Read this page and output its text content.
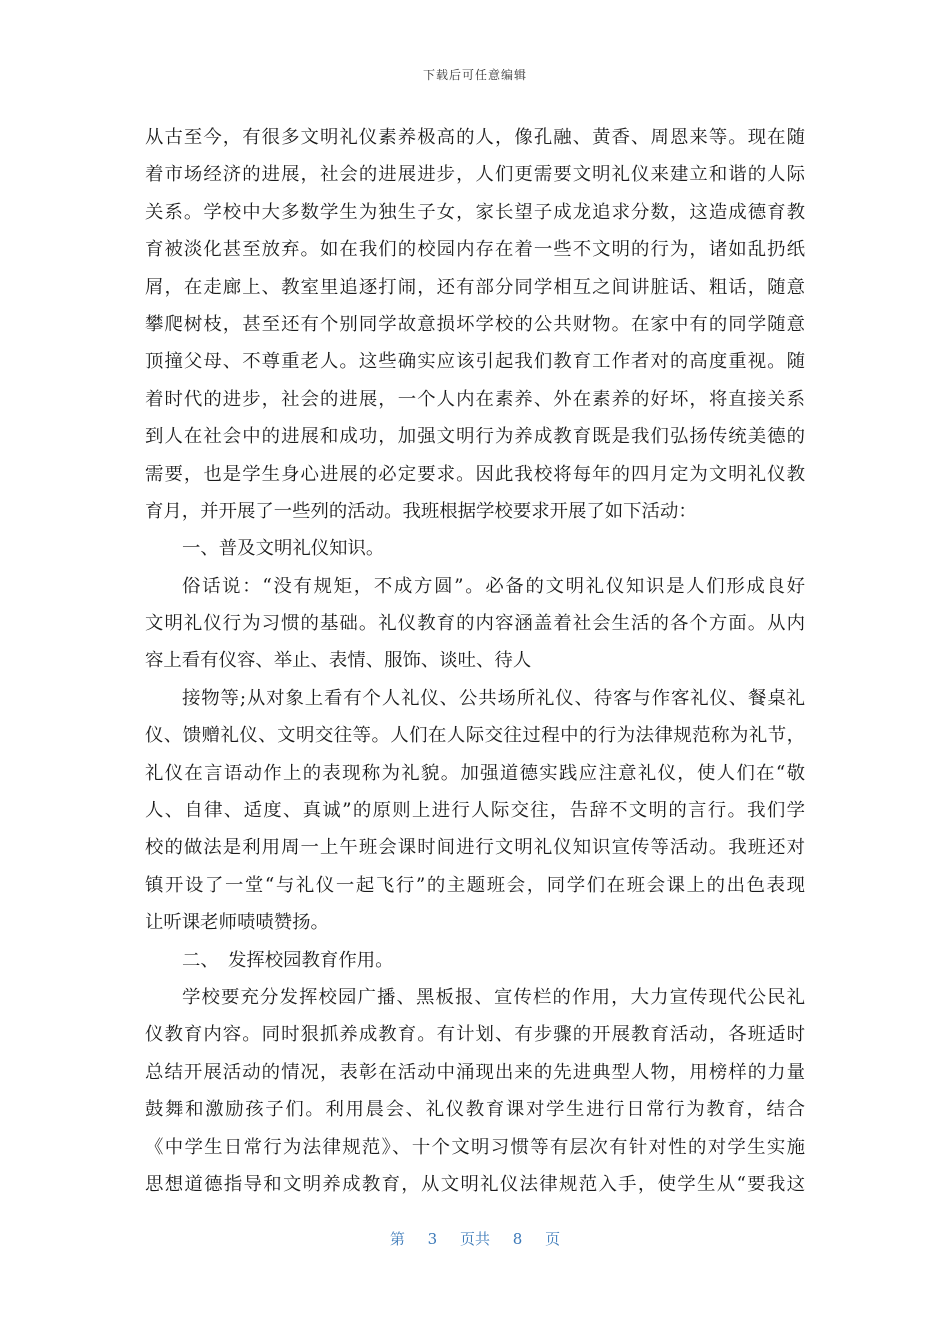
下载后可任意编辑
从古至今，有很多文明礼仪素养极高的人，像孔融、黄香、周恩来等。现在随
着市场经济的进展，社会的进展进步，人们更需要文明礼仪来建立和谐的人际
关系。学校中大多数学生为独生子女，家长望子成龙追求分数，这造成德育教
育被淡化甚至放弃。如在我们的校园内存在着一些不文明的行为，诸如乱扔纸
屑，在走廊上、教室里追逐打闹，还有部分同学相互之间讲脏话、粗话，随意
攀爬树枝，甚至还有个别同学故意损坏学校的公共财物。在家中有的同学随意
顶撞父母、不尊重老人。这些确实应该引起我们教育工作者对的高度重视。随
着时代的进步，社会的进展，一个人内在素养、外在素养的好坏，将直接关系
到人在社会中的进展和成功，加强文明行为养成教育既是我们弘扬传统美德的
需要，也是学生身心进展的必定要求。因此我校将每年的四月定为文明礼仪教
育月，并开展了一些列的活动。我班根据学校要求开展了如下活动：
一、普及文明礼仪知识。
俗话说：“没有规矩，不成方圆”。必备的文明礼仪知识是人们形成良好
文明礼仪行为习惯的基础。礼仪教育的内容涵盖着社会生活的各个方面。从内
容上看有仪容、举止、表情、服饰、谈吐、待人
接物等;从对象上看有个人礼仪、公共场所礼仪、待客与作客礼仪、餐桌礼
仪、馈赠礼仪、文明交往等。人们在人际交往过程中的行为法律规范称为礼节，
礼仪在言语动作上的表现称为礼貌。加强道德实践应注意礼仪，使人们在“敬
人、自律、适度、真诚”的原则上进行人际交往，告辞不文明的言行。我们学
校的做法是利用周一上午班会课时间进行文明礼仪知识宣传等活动。我班还对
镇开设了一堂“与礼仪一起飞行”的主题班会，同学们在班会课上的出色表现
让听课老师啧啧赞扬。
二、　发挥校园教育作用。
学校要充分发挥校园广播、黑板报、宣传栏的作用，大力宣传现代公民礼
仪教育内容。同时狠抓养成教育。有计划、有步骤的开展教育活动，各班适时
总结开展活动的情况，表彰在活动中涌现出来的先进典型人物，用榜样的力量
鼓舞和激励孩子们。利用晨会、礼仪教育课对学生进行日常行为教育，结合
《中学生日常行为法律规范》、十个文明习惯等有层次有针对性的对学生实施
思想道德指导和文明养成教育，从文明礼仪法律规范入手，使学生从“要我这
第 3 页共 8 页
